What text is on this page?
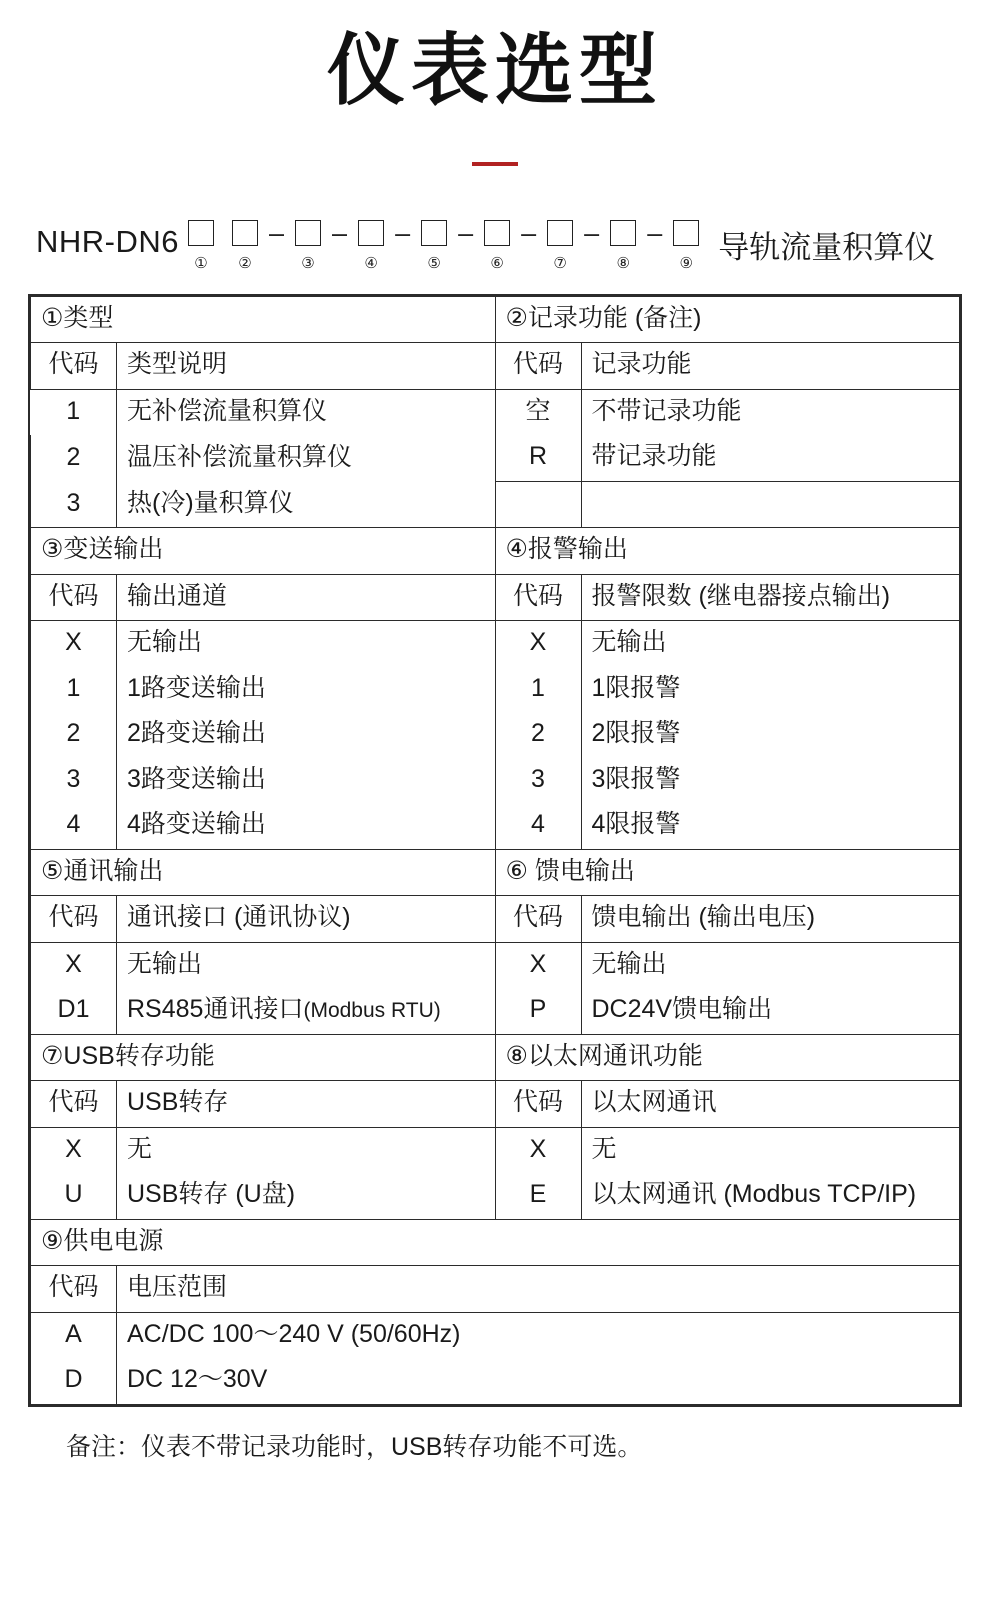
仪表选型
NHR-DN6
① ②
–
③
–
④
–
⑤
–
⑥
–
⑦
–
⑧
–
⑨ 导轨流量积算仪
①类型		②记录功能 (备注)	
代码	类型说明	代码	记录功能
1	无补偿流量积算仪	空	不带记录功能
2	温压补偿流量积算仪	R	带记录功能
3	热(冷)量积算仪		
③变送输出		④报警输出	
代码	输出通道	代码	报警限数 (继电器接点输出)
X	无输出	X	无输出
1	1路变送输出	1	1限报警
2	2路变送输出	2	2限报警
3	3路变送输出	3	3限报警
4	4路变送输出	4	4限报警
⑤通讯输出		⑥ 馈电输出	
代码	通讯接口 (通讯协议)	代码	馈电输出 (输出电压)
X	无输出	X	无输出
D1	RS485通讯接口(Modbus RTU)	P	DC24V馈电输出
⑦USB转存功能		⑧以太网通讯功能	
代码	USB转存	代码	以太网通讯
X	无	X	无
U	USB转存 (U盘)	E	以太网通讯 (Modbus TCP/IP)
⑨供电电源			
代码	电压范围		
A	AC/DC 100～240 V (50/60Hz)		
D	DC 12～30V		
备注：仪表不带记录功能时，USB转存功能不可选。
